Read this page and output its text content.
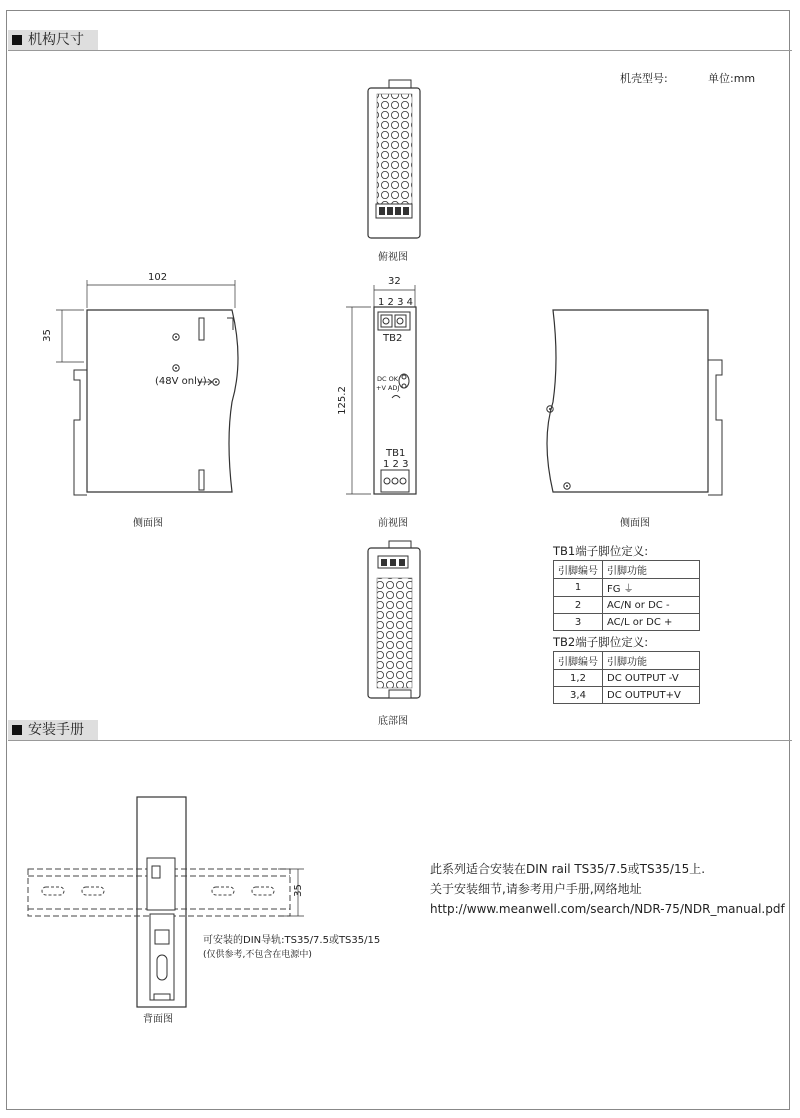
机构尺寸
机壳型号:	单位:mm
102
35
32
125.2
35
(48V only)
1 2 3 4
TB2
DC OK
+V ADJ
TB1
1 2 3
俯视图
侧面图	前视图	侧面图
底部图
背面图
TB1端子脚位定义:
引脚编号	引脚功能
1	FG ⏚
2	AC/N or DC -
3	AC/L or DC +
TB2端子脚位定义:
引脚编号	引脚功能
1,2	DC OUTPUT -V
3,4	DC OUTPUT+V
安装手册
可安装的DIN导轨:TS35/7.5或TS35/15
(仅供参考,不包含在电源中)
此系列适合安装在DIN rail TS35/7.5或TS35/15上.
关于安装细节,请参考用户手册,网络地址
http://www.meanwell.com/search/NDR-75/NDR_manual.pdf
